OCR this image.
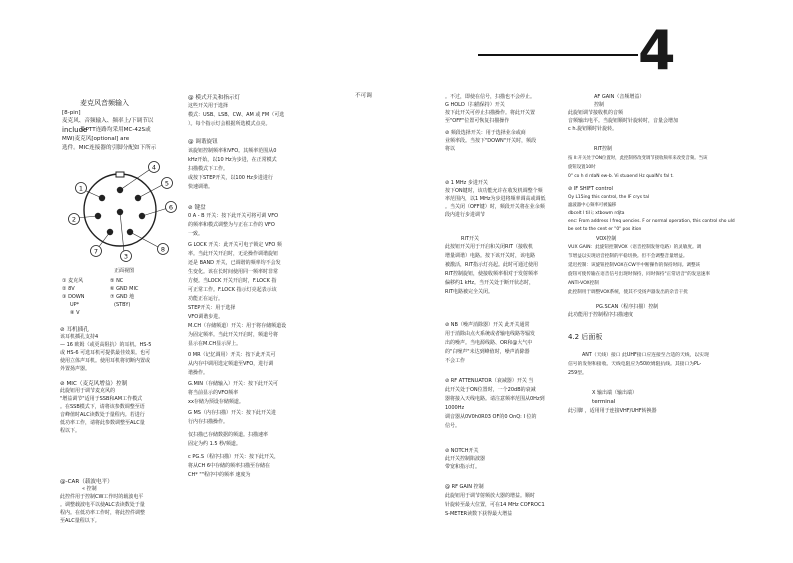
4
不可调
麦克风音频输入
[8-pin]
麦克风、音频输入、频率上/下调节以
include
及PTT连路均采用MC-42S或
MW)麦克风[optional] are
选件。MIC连接器的引脚分配如下所示
4
5
6
8
7
2
1
3
正面视图
① 麦克风	⑤ NC
② 8V	⑥ GND MIC
③ DOWN	⑦ GND 地
UP*	(STBY)
⑧ V
⊘ 耳机插孔
该耳机插孔支持4
— 16 欧姆（或更高阻抗）的耳机。HS-5
或 HS-6 可选耳机可提供最佳效果。也可
使用立体声耳机。使用耳机将切断内置或
外置扬声器。
⊘ MIC（麦克风增益）控制
此旋钮用于调节麦克风的
"增益调节"适用于SSB和AM工作模式
。在SSB模式下，请将该参数调整至语
音峰值时ALC读数处于量程内。若进行
低功率工作，请将此参数调整至ALC量
程以下。
@-CAR（载波电平）
« 控制
此控件用于控制CW工作时的载波电平
。调整载波电平以使ALC表读数处于量
程内。在低功率工作时，将此控件调整
至ALC量程以下。
@ 模式开关和指示灯
这些开关用于选择
模式：USB、LSB、CW、AM 或 FM（可选
）。每个指示灯会根据所选模式点亮。
@ 调谐旋钮
该旋钮控制频率和VFO。其频率范围从0
kHz开始，以10 Hz为步进，在正常模式
扫描模式下工作。
或按下STEP开关，以100 Hz步进进行
快速调谐。
⊘ 键盘
0 A - B 开关：按下此开关可将可调 VFO
的频率和模式调整为与正在工作的 VFO
一致。
G LOCK 开关：此开关可电子锁定 VFO 频
率。当此开关开启时，无论操作调谐旋钮
还是 BAND 开关，已调谐的频率均不会发
生变化。该在长时间使用同一频率时非常
方便。当LOCK 开关开启时，F.LOCK 指
可正常工作。F.LOCK 指示灯亮起表示该
功能正在运行。
STEP开关：用于选择
VFO调谐步进。
M.CH（存储频道）开关：用于将存储频道设
为固定频率。当此开关开启时，频道号将
显示在M.CH显示屏上。
0 MR（记忆调用）开关：按下此开关可
从内存中调用选定频道至VFO，进行调
谐操作。
G.MIN（存储输入）开关：按下此开关可
将当前显示的VFO频率
xx存储为预设存储频道。
G MS（内存扫描）开关：按下此开关进
行内存扫描操作。
仅扫描已存储数据的频道。扫描速率
固定为约 1.5 秒/频道。
c PG.S（程序扫描）开关：按下此开关，
将从CH 6中存储的频率扫描至存储在
CH* ""程序中的频率 速度为
。不过，即使在信号，扫描也不会停止。
G HOLD（扫描保持）开关
按下此开关可停止扫描操作。将此开关置
至"OFF"位置可恢复扫描操作
⊘ 频段选择开关：用于选择业余或商
业频率段。当按下"DOWN"开关时，频段
将以
⊘ 1 MHz 步进开关
按下ON键时，该功能允许在收发机调整个频
率范围内，以1 MHz为步进将频率调高或调低
。当关闭（OFF键）时，频段开关将在业余频
段内进行步进调节
RIT开关
此按钮开关用于开启和关闭RIT（接收机
增量调谐）电路。按下该开关时，该电路
被激活，RIT指示灯亮起。此时可通过使用
RIT控制旋钮，使接收频率相对于发射频率
偏移约1 kHz。当开关处于断开状态时，
RIT电路被完全关闭。
⊘ NB（噪声消除器）开关 此开关通常
用于消除由点火系统或者输电线路等辐发
出的噪声。当电源线路、OR和@大气中
的"白噪声"未达到峰值时，噪声消除器
不会工作
⊘ RF ATTENUATOR（衰减器）开关 当
此开关处于ON位置时，一个20dB的衰减
器将接入天线电路。请注意频率范围从0Hz到
1000Hz
调音器从0V0h0R03 OF的0 OnQ: I 位的
信号。
⊘ NOTCH开关
此开关控制陷波器
带宽和指示灯。
@ RF GAIN 控制
此旋钮用于调节射频放大器的增益。顺时
针旋转至最大位置，可在14 MHz COFROC1
S-METER读数下获得最大增益
AF GAIN（音频增益）
控制
此旋钮调节接收机的音频
音频输出电平。当旋钮顺时针旋转时，音量会增加
c h.旋钮顺时针旋转。
RIT控制
按 ll:开关处于ON位置时，此控制将改变调节接收频率来改变音频。当该
旋钮设置10时
0" co h d rdaN ew-b. Vi stuaend Hz qualN's fal t.
⊘ IF SHIFT control
Oy L15ing this control, the IF crys tal
滤波器中心频率可被偏移
dbcelt l til i; xtbowm rdjta
enc: From address I freq uencies. F or normal operation, this control sho uld
be set to the cent er "0" pos ition
VOX控制
VUX GAIN：此旋钮控制VOX（语音控制发射电路）的灵敏度。调
节增益以实现语音控制的平稳切换。但不会调整音量增益。
延迟控制：该旋钮控制VOX在CW半中断操作的保持时间。调整该
旋钮可使传输在语音信号出现时保持，同时保持"正常语音"的发送速率
ANTI-VOX控制
此控制用于调整VOX系统，使其不受扬声器发出的杂音干扰
PG.SCAN（程序扫描）控制
此功能用于控制程序扫描速度
4.2 后面板
ANT（天线）接口 此UHF接口应连接至合适的天线，以实现
信号的发射和接收。天线电阻应为50欧姆阻抗线。其接口为PL-
259型。
X 输出端（输出端）
terminal
此引脚 ，适用用于连接VHF/UHF转换器
